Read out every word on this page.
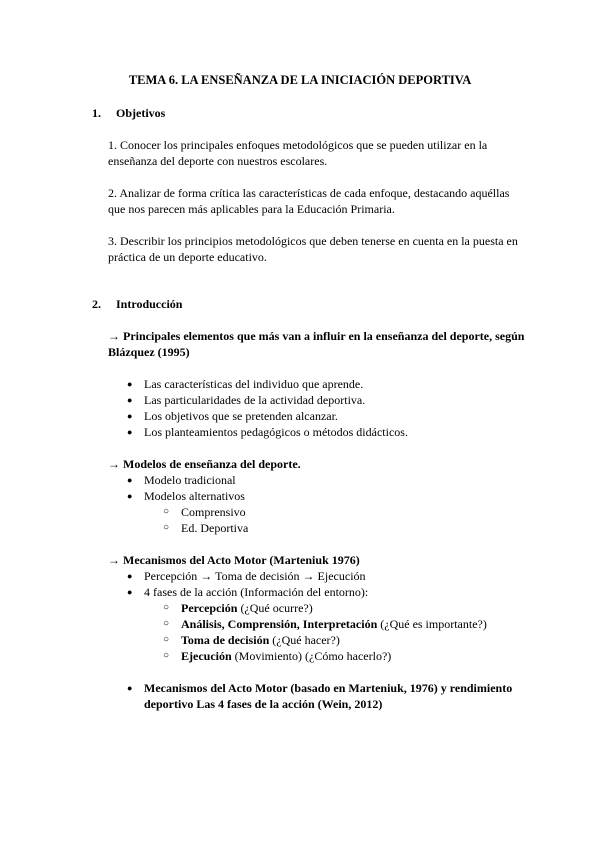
TEMA 6. LA ENSEÑANZA DE LA INICIACIÓN DEPORTIVA
1. Objetivos
1. Conocer los principales enfoques metodológicos que se pueden utilizar en la enseñanza del deporte con nuestros escolares.
2. Analizar de forma crítica las características de cada enfoque, destacando aquéllas que nos parecen más aplicables para la Educación Primaria.
3. Describir los principios metodológicos que deben tenerse en cuenta en la puesta en práctica de un deporte educativo.
2. Introducción
→ Principales elementos que más van a influir en la enseñanza del deporte, según Blázquez (1995)
● Las características del individuo que aprende.
● Las particularidades de la actividad deportiva.
● Los objetivos que se pretenden alcanzar.
● Los planteamientos pedagógicos o métodos didácticos.
→ Modelos de enseñanza del deporte.
● Modelo tradicional
● Modelos alternativos
○ Comprensivo
○ Ed. Deportiva
→ Mecanismos del Acto Motor (Marteniuk 1976)
● Percepción → Toma de decisión → Ejecución
● 4 fases de la acción (Información del entorno):
○ Percepción (¿Qué ocurre?)
○ Análisis, Comprensión, Interpretación (¿Qué es importante?)
○ Toma de decisión (¿Qué hacer?)
○ Ejecución (Movimiento) (¿Cómo hacerlo?)
● Mecanismos del Acto Motor (basado en Marteniuk, 1976) y rendimiento deportivo Las 4 fases de la acción (Wein, 2012)
